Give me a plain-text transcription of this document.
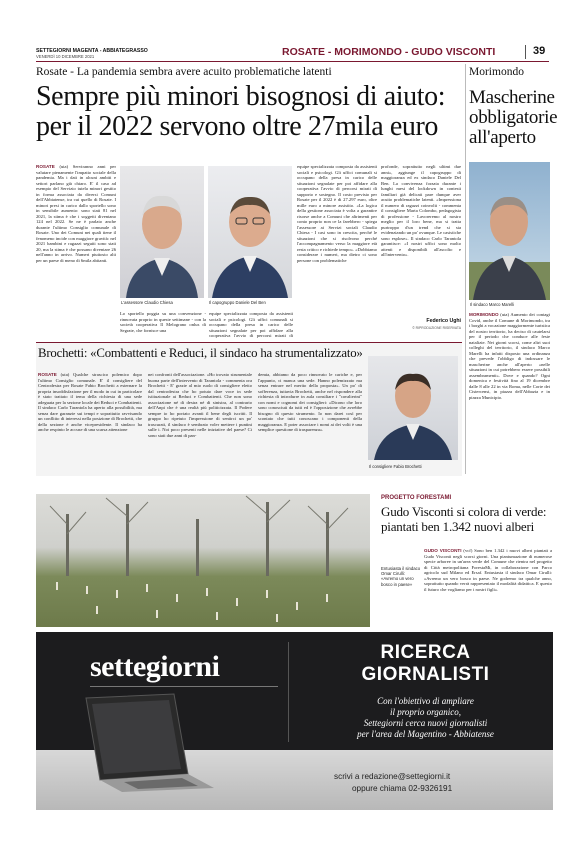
SETTEGIORNI MAGENTA - ABBIATEGRASSO
VENERDÌ 10 DICEMBRE 2021	ROSATE - MORIMONDO - GUDO VISCONTI	39
Rosate - La pandemia sembra avere acuito problematiche latenti
Sempre più minori bisognosi di aiuto:
per il 2022 servono oltre 27mila euro
ROSATE (uta) Serviranno anni per valutare pienamente l'impatto sociale della pandemia. Ma i dati in alcuni ambiti e settori parlano già chiaro. E' il caso ad esempio del Servizio tutela minori gestito in forma associata da diversi Comuni dell'Abbiatense, tra cui quello di Rosate. I minori presi in carico dallo sportello sono in sensibile aumento: sono stati 81 nel 2021, la stima è che i soggetti diventano 124 nel 2022. Se ne è parlato anche durante l'ultimo Consiglio comunale di Rosate. Uno dei Comuni nei quali tiene il fenomeno incide con maggiore gravità: nel 2021 bambini e ragazzi seguiti sono stati 20, ma la stima è che possano diventare 26 nell'anno in arrivo. Numeri piuttosto alti per un paese di meno di 6mila abitanti.
L'assessore Claudio Chiesa	Il capogruppo Daniele Del Ben
Lo sportello poggia su una convenzione - rinnovata proprio in queste settimane - con la società cooperativa Il Melograno onlus di Segrate, che fornisce una
equipe specializzata composta da assistenti sociali e psicologi. Gli uffici comunali si occupano della presa in carico delle situazioni segnalate per poi affidare alla cooperativa l'avvio di percorsi mirati di
equipe specializzata composta da assistenti sociali e psicologi. Gli uffici comunali si occupano della presa in carico delle situazioni segnalate per poi affidare alla cooperativa l'avvio di percorsi mirati di supporto e sostegno. Il costo previsto per Rosate per il 2022 è di 27.297 euro, oltre mille euro a minore assistito. «La logica della gestione associata è volta a garantire risorse anche a Comuni che altrimenti per conto proprio non ce la farebbero - spiega l'assessore ai Servizi sociali Claudio Chiesa - I casi sono in crescita, perché le situazioni che si risolvono perché l'accompagnamento verso la maggiore età resta critico e richiede tempo». «Dobbiamo considerare i numeri, ma dietro ci sono persone con problematiche
profonde, soprattutto negli ultimi due anni», aggiunge il capogruppo di maggioranza ed ex sindaco Daniele Del Ben. La convivenza forzata durante i lunghi mesi del lockdown in contesti familiari già delicati pare dunque aver acuito problematiche latenti. «Impressiona il numero di ragazzi coinvolti - commenta il consigliere Marta Colombo, pedagogista di professione - Lavoreremo al nostro meglio per il loro bene, ma si tratta purtroppo d'un trend che si sta evidenziando un po' ovunque. Le casistiche sono esplose». Il sindaco Carlo Tarantola garantisce: «I nostri uffici sono molto attenti e disponibili all'ascolto e all'intervento».
Federico Ughi
© RIPRODUZIONE RISERVATA
Morimondo
Mascherine obbligatorie all'aperto
Il sindaco Marco Marelli
MORIMONDO (uta) Aumento dei contagi Covid, anche il Comune di Morimondo, tra i borghi a vocazione maggiormente turistica del nostro territorio, ha deciso di cautelarsi per il periodo che conduce alle feste natalizie. Nei giorni scorsi, come altri suoi colleghi del territorio, il sindaco Marco Marelli ha infatti disposto una ordinanza che prevede l'obbligo di indossare le mascherine anche all'aperto «nelle situazioni in cui potrebbero essere possibili assembramenti». Dove e quando? Ogni domenica e festività fino al 19 dicembre dalle 8 alle 22 in via Roma, nelle Corte dei Cistercensi, in piazza dell'Abbazia e in piazza Municipio.
Brochetti: «Combattenti e Reduci, il sindaco ha strumentalizzato»
ROSATE (uta) Qualche strascico polemico dopo l'ultimo Consiglio comunale. E' il consigliere del Centrodestra per Rosate Fabio Brochetti a esternare la propria insoddisfazione per il modo in cui in particolare è stato trattato il tema della richiesta di una sede adeguata per la sezione locale dei Reduci e Combattenti. Il sindaco Carlo Tarantola ha aperto alla possibilità, ma senza dare garanzie sui tempi e soprattutto ravvisando un conflitto di interessi nella posizione di Brochetti, che della sezione è anche vicepresidente. Il sindaco ha anche respinto le accuse di una scarsa attenzione
nei confronti dell'associazione. «Ho trovato strumentale buona parte dell'intervento di Tarantola - commenta ora Brochetti - E' grazie al mio ruolo di consigliere eletto dal centrodestra che ho potuto dare voce in sede istituzionale ai Reduci e Combattenti. Che non sono associazione né di destra né di sinistra, al contrario dell'Anpi che è una realtà più politicizzata. Il Podere sempre io ho portato avanti il bene degli iscritti. Il gruppo ho ripetuto l'impressione di sentirci un po' trascurati, il sindaco è sembrato voler mettere i puntini sulle i. Noi poco presenti nelle iniziative del paese? Ci sono stati due anni di pan-
demia, abbiamo da poco rinnovato le cariche e, per l'appunto, ci manca una sede. Hanno polemizzato ma senza entrare nel merito della proposta». Un po' di sofferenza, tuttavia Brochetti, anche nel rispondere alla richiesta di introdurre in aula consiliare i "cavalierini" con nomi e cognomi dei consiglieri: «Dicono che loro sono conosciuti da tutti ed è l'opposizione che avrebbe bisogno di questo strumento. Io non darei così per scontato che tutti conoscano i componenti della maggioranza. E poter associare i nomi ai dei volti è una semplice questione di trasparenza».
Il consigliere Fabio Brochetti
PROGETTO FORESTAMI
Gudo Visconti si colora di verde: piantati ben 1.342 nuovi alberi
Entusiasta il sindaco Omar Cirulli: «Avremo un vero bosco in paese»
GUDO VISCONTI (vcf) Sono ben 1.342 i nuovi alberi piantati a Gudo Visconti negli scorsi giorni. Una piantumazione di numerose specie arboree in un'area verde del Comune che rientra nel progetto di Città metropolitana ForestaMi, in collaborazione con Parco agricolo sud Milano ed Ersaf. Entusiasta il sindaco Omar Cirulli: «Avremo un vero bosco in paese. Ne godremo tra qualche anno, soprattutto quando verrà rappresentato il modalità didattica. E questo il futuro che vogliamo per i nostri figli».
settegiorni	RICERCA
GIORNALISTI
Con l'obiettivo di ampliare
il proprio organico,
Settegiorni cerca nuovi giornalisti
per l'area del Magentino - Abbiatense
scrivi a redazione@settegiorni.it
oppure chiama 02-9326191
